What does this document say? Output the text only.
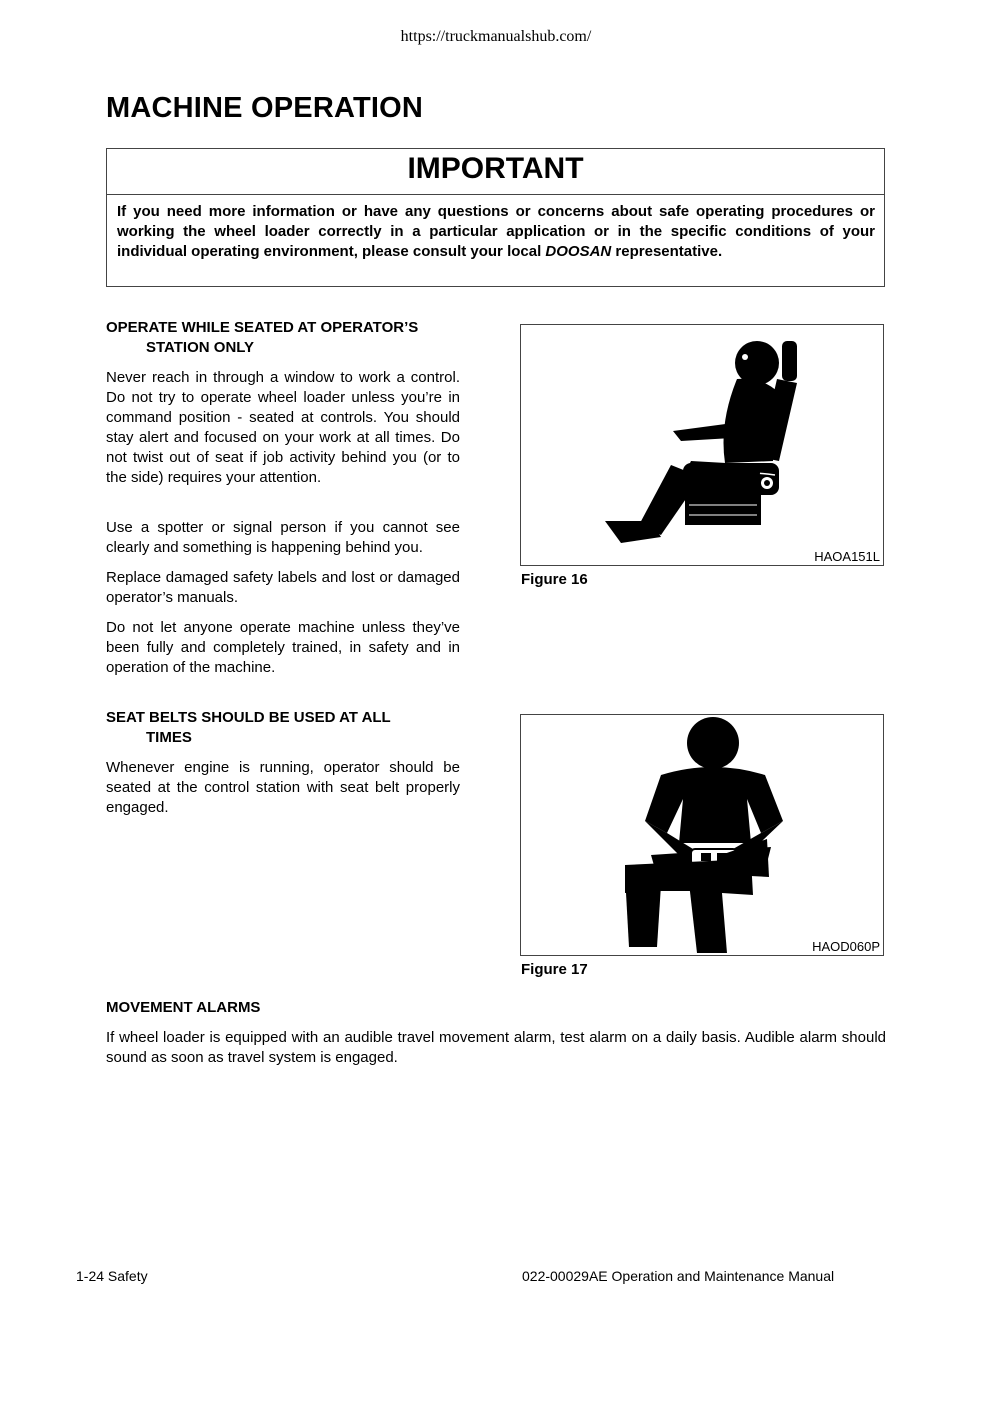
https://truckmanualshub.com/
MACHINE OPERATION
IMPORTANT
If you need more information or have any questions or concerns about safe operating procedures or working the wheel loader correctly in a particular application or in the specific conditions of your individual operating environment, please consult your local DOOSAN representative.
OPERATE WHILE SEATED AT OPERATOR’S
STATION ONLY

Never reach in through a window to work a control. Do not try to operate wheel loader unless you’re in command position - seated at controls. You should stay alert and focused on your work at all times. Do not twist out of seat if job activity behind you (or to the side) requires your attention.

Use a spotter or signal person if you cannot see clearly and something is happening behind you.

Replace damaged safety labels and lost or damaged operator’s manuals.

Do not let anyone operate machine unless they’ve been fully and completely trained, in safety and in operation of the machine.

HAOA151L
Figure 16
SEAT BELTS SHOULD BE USED AT ALL
TIMES

Whenever engine is running, operator should be seated at the control station with seat belt properly engaged.

HAOD060P
Figure 17
MOVEMENT ALARMS

If wheel loader is equipped with an audible travel movement alarm, test alarm on a daily basis. Audible alarm should sound as soon as travel system is engaged.

1-24 Safety	022-00029AE Operation and Maintenance Manual
